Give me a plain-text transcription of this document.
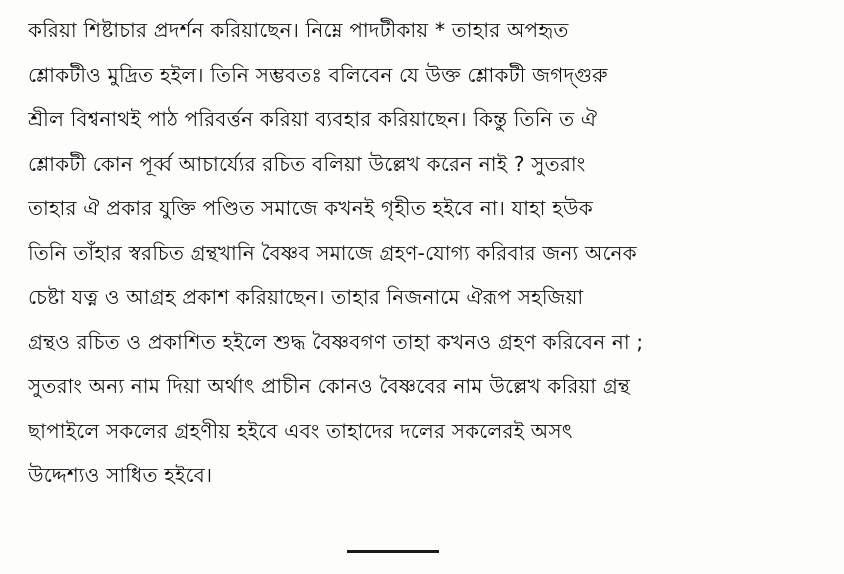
করিয়া শিষ্টাচার প্রদর্শন করিয়াছেন। নিম্নে পাদটীকায় * তাহার অপহৃত
শ্লোকটীও মুদ্রিত হইল। তিনি সম্ভবতঃ বলিবেন যে উক্ত শ্লোকটী জগদ্গুরু
শ্রীল বিশ্বনাথই পাঠ পরিবর্ত্তন করিয়া ব্যবহার করিয়াছেন। কিন্তু তিনি ত ঐ
শ্লোকটী কোন পূর্ব্ব আচার্য্যের রচিত বলিয়া উল্লেখ করেন নাই ? সুতরাং
তাহার ঐ প্রকার যুক্তি পণ্ডিত সমাজে কখনই গৃহীত হইবে না। যাহা হউক
তিনি তাঁহার স্বরচিত গ্রন্থখানি বৈষ্ণব সমাজে গ্রহণ-যোগ্য করিবার জন্য অনেক
চেষ্টা যত্ন ও আগ্রহ প্রকাশ করিয়াছেন। তাহার নিজনামে ঐরূপ সহজিয়া
গ্রন্থও রচিত ও প্রকাশিত হইলে শুদ্ধ বৈষ্ণবগণ তাহা কখনও গ্রহণ করিবেন না ;
সুতরাং অন্য নাম দিয়া অর্থাৎ প্রাচীন কোনও বৈষ্ণবের নাম উল্লেখ করিয়া গ্রন্থ
ছাপাইলে সকলের গ্রহণীয় হইবে এবং তাহাদের দলের সকলেরই অসৎ
উদ্দেশ্যও সাধিত হইবে।
